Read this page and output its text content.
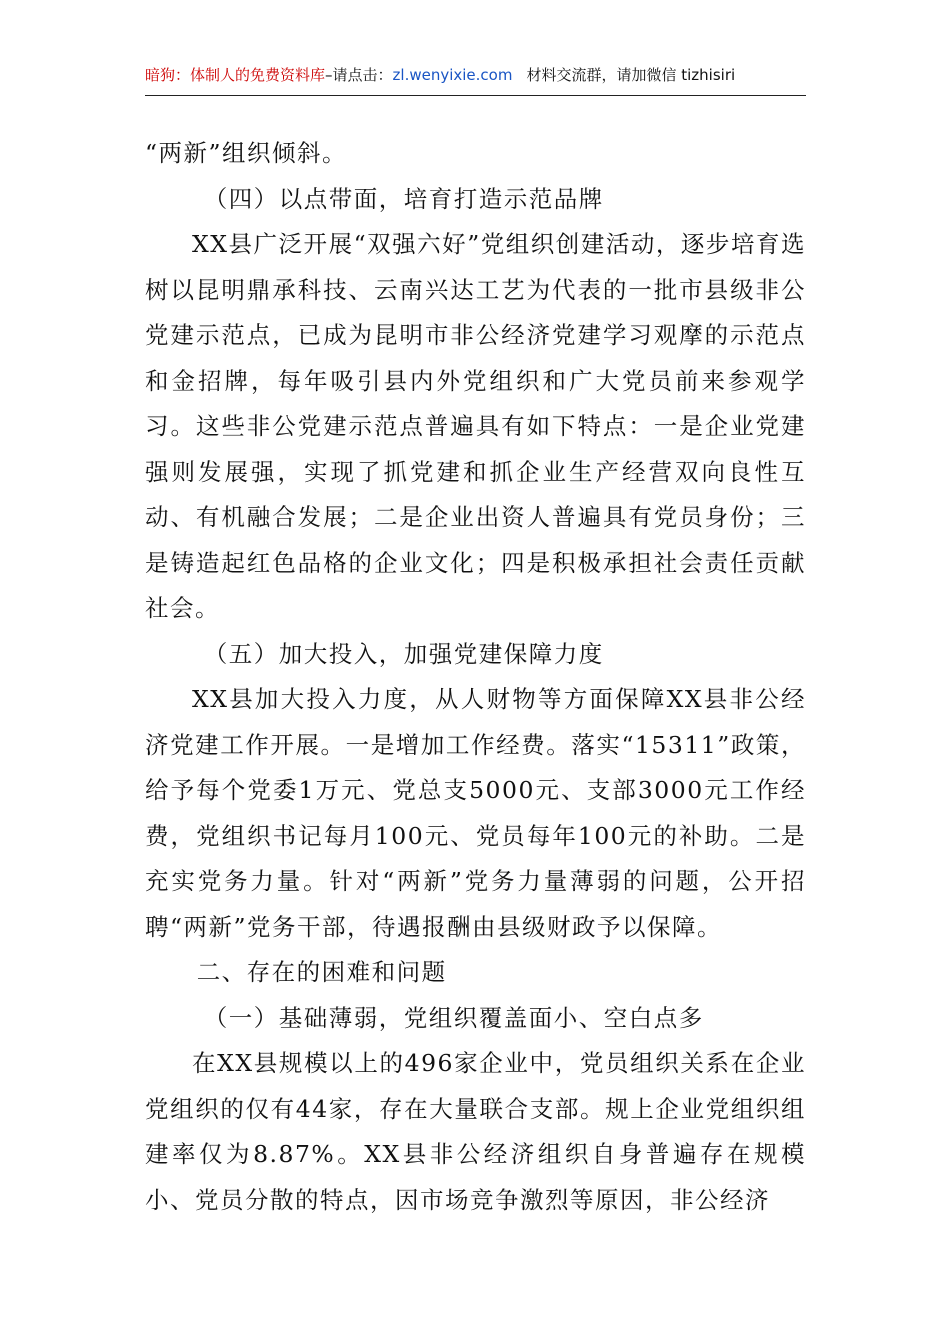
暗狗：体制人的免费资料库–请点击：zl.wenyixie.com 材料交流群，请加微信 tizhisiri

“两新”组织倾斜。

（四）以点带面，培育打造示范品牌

XX县广泛开展“双强六好”党组织创建活动，逐步培育选树以昆明鼎承科技、云南兴达工艺为代表的一批市县级非公党建示范点，已成为昆明市非公经济党建学习观摩的示范点和金招牌，每年吸引县内外党组织和广大党员前来参观学习。这些非公党建示范点普遍具有如下特点：一是企业党建强则发展强，实现了抓党建和抓企业生产经营双向良性互动、有机融合发展；二是企业出资人普遍具有党员身份；三是铸造起红色品格的企业文化；四是积极承担社会责任贡献社会。

（五）加大投入，加强党建保障力度

XX县加大投入力度，从人财物等方面保障XX县非公经济党建工作开展。一是增加工作经费。落实“15311”政策，给予每个党委1万元、党总支5000元、支部3000元工作经费，党组织书记每月100元、党员每年100元的补助。二是充实党务力量。针对“两新”党务力量薄弱的问题，公开招聘“两新”党务干部，待遇报酬由县级财政予以保障。

二、存在的困难和问题

（一）基础薄弱，党组织覆盖面小、空白点多

在XX县规模以上的496家企业中，党员组织关系在企业党组织的仅有44家，存在大量联合支部。规上企业党组织组建率仅为8.87%。XX县非公经济组织自身普遍存在规模小、党员分散的特点，因市场竞争激烈等原因，非公经济
